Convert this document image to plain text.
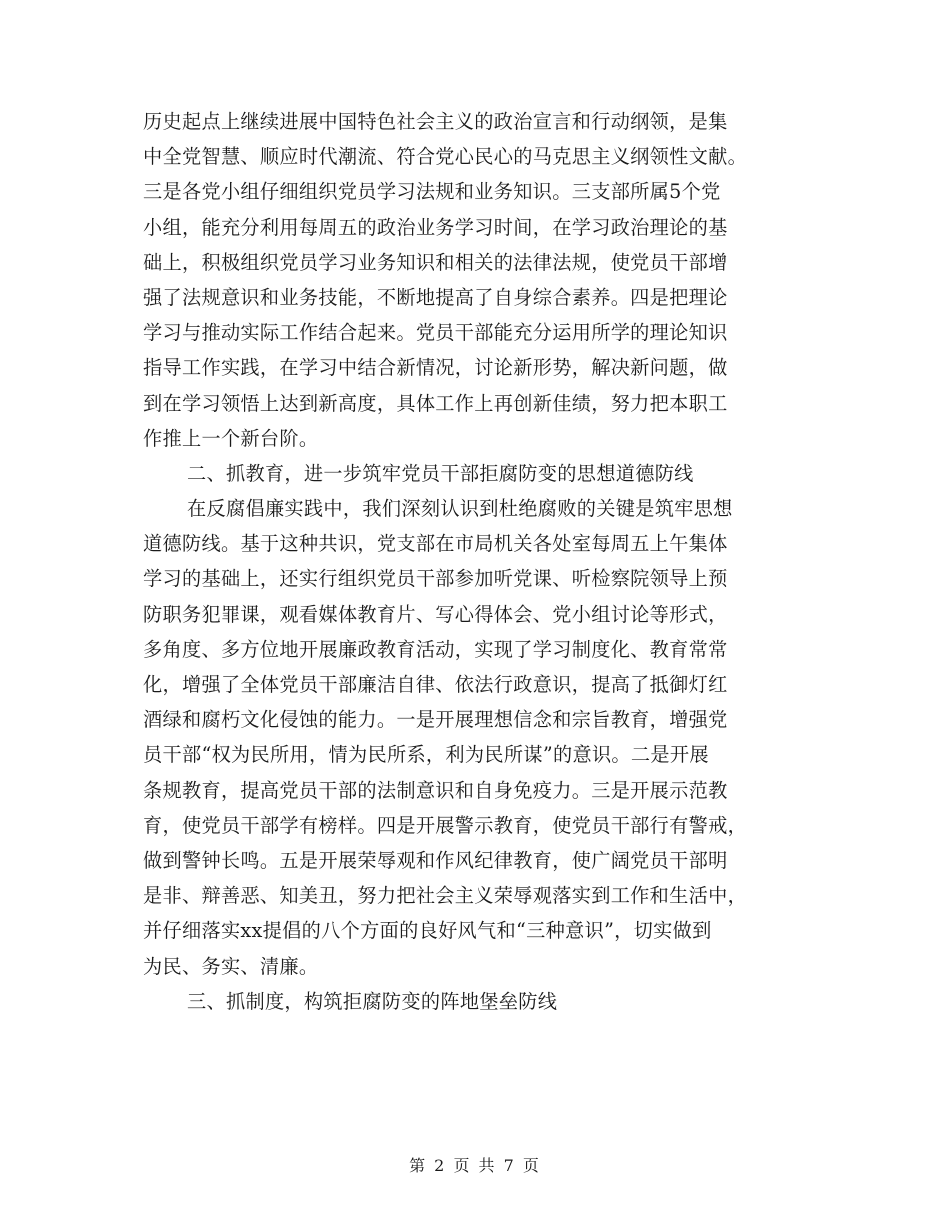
历史起点上继续进展中国特色社会主义的政治宣言和行动纲领，是集
中全党智慧、顺应时代潮流、符合党心民心的马克思主义纲领性文献。
三是各党小组仔细组织党员学习法规和业务知识。三支部所属5个党
小组，能充分利用每周五的政治业务学习时间，在学习政治理论的基
础上，积极组织党员学习业务知识和相关的法律法规，使党员干部增
强了法规意识和业务技能，不断地提高了自身综合素养。四是把理论
学习与推动实际工作结合起来。党员干部能充分运用所学的理论知识
指导工作实践，在学习中结合新情况，讨论新形势，解决新问题，做
到在学习领悟上达到新高度，具体工作上再创新佳绩，努力把本职工
作推上一个新台阶。
二、抓教育，进一步筑牢党员干部拒腐防变的思想道德防线
在反腐倡廉实践中，我们深刻认识到杜绝腐败的关键是筑牢思想
道德防线。基于这种共识，党支部在市局机关各处室每周五上午集体
学习的基础上，还实行组织党员干部参加听党课、听检察院领导上预
防职务犯罪课，观看媒体教育片、写心得体会、党小组讨论等形式，
多角度、多方位地开展廉政教育活动，实现了学习制度化、教育常常
化，增强了全体党员干部廉洁自律、依法行政意识，提高了抵御灯红
酒绿和腐朽文化侵蚀的能力。一是开展理想信念和宗旨教育，增强党
员干部“权为民所用，情为民所系，利为民所谋”的意识。二是开展
条规教育，提高党员干部的法制意识和自身免疫力。三是开展示范教
育，使党员干部学有榜样。四是开展警示教育，使党员干部行有警戒，
做到警钟长鸣。五是开展荣辱观和作风纪律教育，使广阔党员干部明
是非、辩善恶、知美丑，努力把社会主义荣辱观落实到工作和生活中，
并仔细落实xx提倡的八个方面的良好风气和“三种意识”，切实做到
为民、务实、清廉。
三、抓制度，构筑拒腐防变的阵地堡垒防线
第 2 页 共 7 页
